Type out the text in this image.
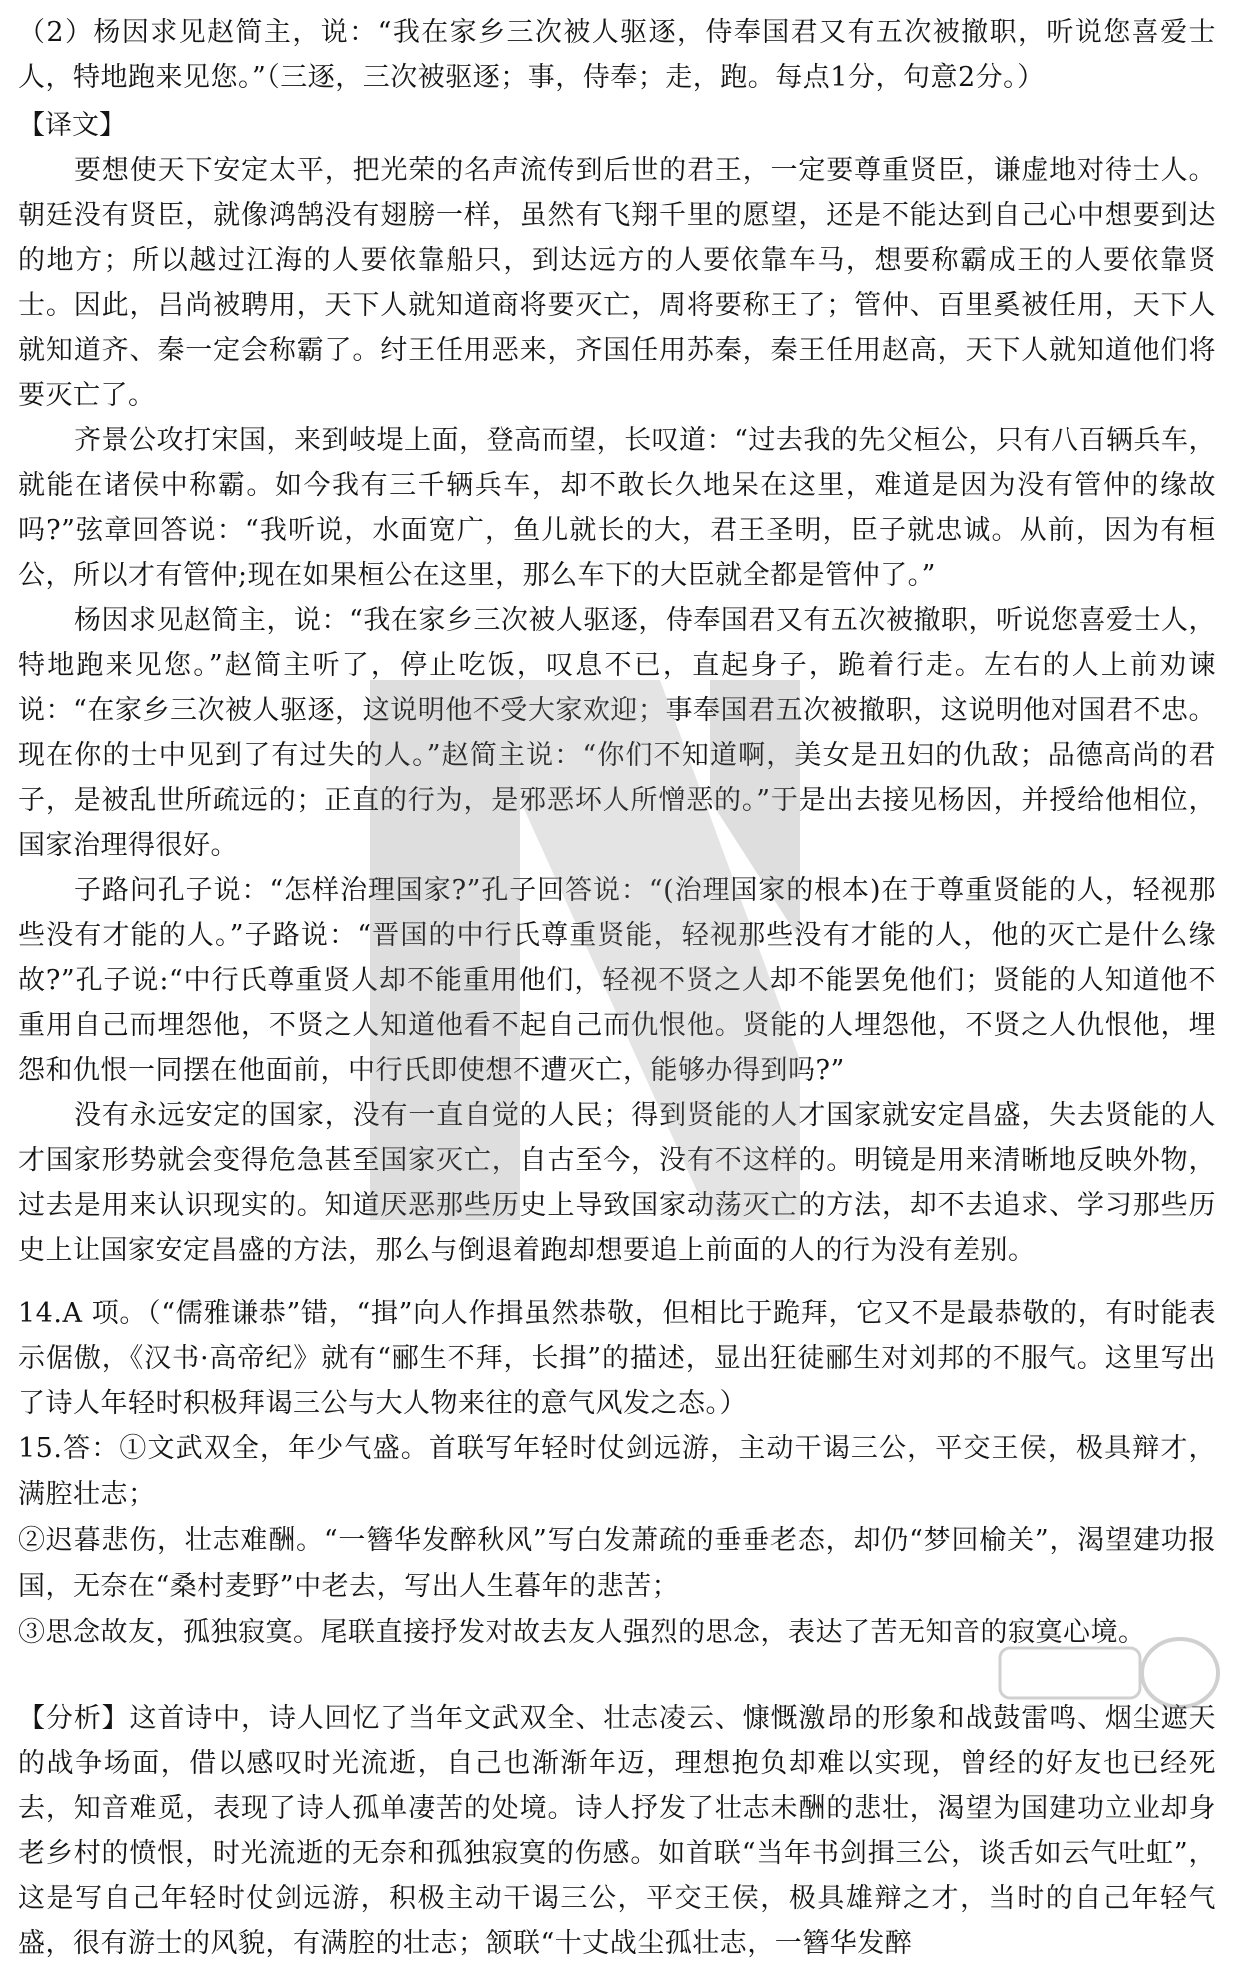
（2）杨因求见赵简主，说：“我在家乡三次被人驱逐，侍奉国君又有五次被撤职，听说您喜爱士人，特地跑来见您。”（三逐，三次被驱逐；事，侍奉；走，跑。每点1分，句意2分。）

【译文】

要想使天下安定太平，把光荣的名声流传到后世的君王，一定要尊重贤臣，谦虚地对待士人。朝廷没有贤臣，就像鸿鹄没有翅膀一样，虽然有飞翔千里的愿望，还是不能达到自己心中想要到达的地方；所以越过江海的人要依靠船只，到达远方的人要依靠车马，想要称霸成王的人要依靠贤士。因此，吕尚被聘用，天下人就知道商将要灭亡，周将要称王了；管仲、百里奚被任用，天下人就知道齐、秦一定会称霸了。纣王任用恶来，齐国任用苏秦，秦王任用赵高，天下人就知道他们将要灭亡了。

齐景公攻打宋国，来到岐堤上面，登高而望，长叹道：“过去我的先父桓公，只有八百辆兵车，就能在诸侯中称霸。如今我有三千辆兵车，却不敢长久地呆在这里，难道是因为没有管仲的缘故吗?”弦章回答说：“我听说，水面宽广，鱼儿就长的大，君王圣明，臣子就忠诚。从前，因为有桓公，所以才有管仲;现在如果桓公在这里，那么车下的大臣就全都是管仲了。”

杨因求见赵简主，说：“我在家乡三次被人驱逐，侍奉国君又有五次被撤职，听说您喜爱士人，特地跑来见您。”赵简主听了，停止吃饭，叹息不已，直起身子，跪着行走。左右的人上前劝谏说：“在家乡三次被人驱逐，这说明他不受大家欢迎；事奉国君五次被撤职，这说明他对国君不忠。现在你的士中见到了有过失的人。”赵简主说：“你们不知道啊，美女是丑妇的仇敌；品德高尚的君子，是被乱世所疏远的；正直的行为，是邪恶坏人所憎恶的。”于是出去接见杨因，并授给他相位，国家治理得很好。

子路问孔子说：“怎样治理国家?”孔子回答说：“(治理国家的根本)在于尊重贤能的人，轻视那些没有才能的人。”子路说：“晋国的中行氏尊重贤能，轻视那些没有才能的人，他的灭亡是什么缘故?”孔子说:“中行氏尊重贤人却不能重用他们，轻视不贤之人却不能罢免他们；贤能的人知道他不重用自己而埋怨他，不贤之人知道他看不起自己而仇恨他。贤能的人埋怨他，不贤之人仇恨他，埋怨和仇恨一同摆在他面前，中行氏即使想不遭灭亡，能够办得到吗?”

没有永远安定的国家，没有一直自觉的人民；得到贤能的人才国家就安定昌盛，失去贤能的人才国家形势就会变得危急甚至国家灭亡，自古至今，没有不这样的。明镜是用来清晰地反映外物，过去是用来认识现实的。知道厌恶那些历史上导致国家动荡灭亡的方法，却不去追求、学习那些历史上让国家安定昌盛的方法，那么与倒退着跑却想要追上前面的人的行为没有差别。

14.A 项。（“儒雅谦恭”错，“揖”向人作揖虽然恭敬，但相比于跪拜，它又不是最恭敬的，有时能表示倨傲，《汉书·高帝纪》就有“郦生不拜，长揖”的描述，显出狂徒郦生对刘邦的不服气。这里写出了诗人年轻时积极拜谒三公与大人物来往的意气风发之态。）

15.答：①文武双全，年少气盛。首联写年轻时仗剑远游，主动干谒三公，平交王侯，极具辩才，满腔壮志；

②迟暮悲伤，壮志难酬。“一簪华发醉秋风”写白发萧疏的垂垂老态，却仍“梦回榆关”，渴望建功报国，无奈在“桑村麦野”中老去，写出人生暮年的悲苦；

③思念故友，孤独寂寞。尾联直接抒发对故去友人强烈的思念，表达了苦无知音的寂寞心境。

【分析】这首诗中，诗人回忆了当年文武双全、壮志凌云、慷慨激昂的形象和战鼓雷鸣、烟尘遮天的战争场面，借以感叹时光流逝，自己也渐渐年迈，理想抱负却难以实现，曾经的好友也已经死去，知音难觅，表现了诗人孤单凄苦的处境。诗人抒发了壮志未酬的悲壮，渴望为国建功立业却身老乡村的愤恨，时光流逝的无奈和孤独寂寞的伤感。如首联“当年书剑揖三公，谈舌如云气吐虹”，这是写自己年轻时仗剑远游，积极主动干谒三公，平交王侯，极具雄辩之才，当时的自己年轻气盛，很有游士的风貌，有满腔的壮志；颔联“十丈战尘孤壮志，一簪华发醉
